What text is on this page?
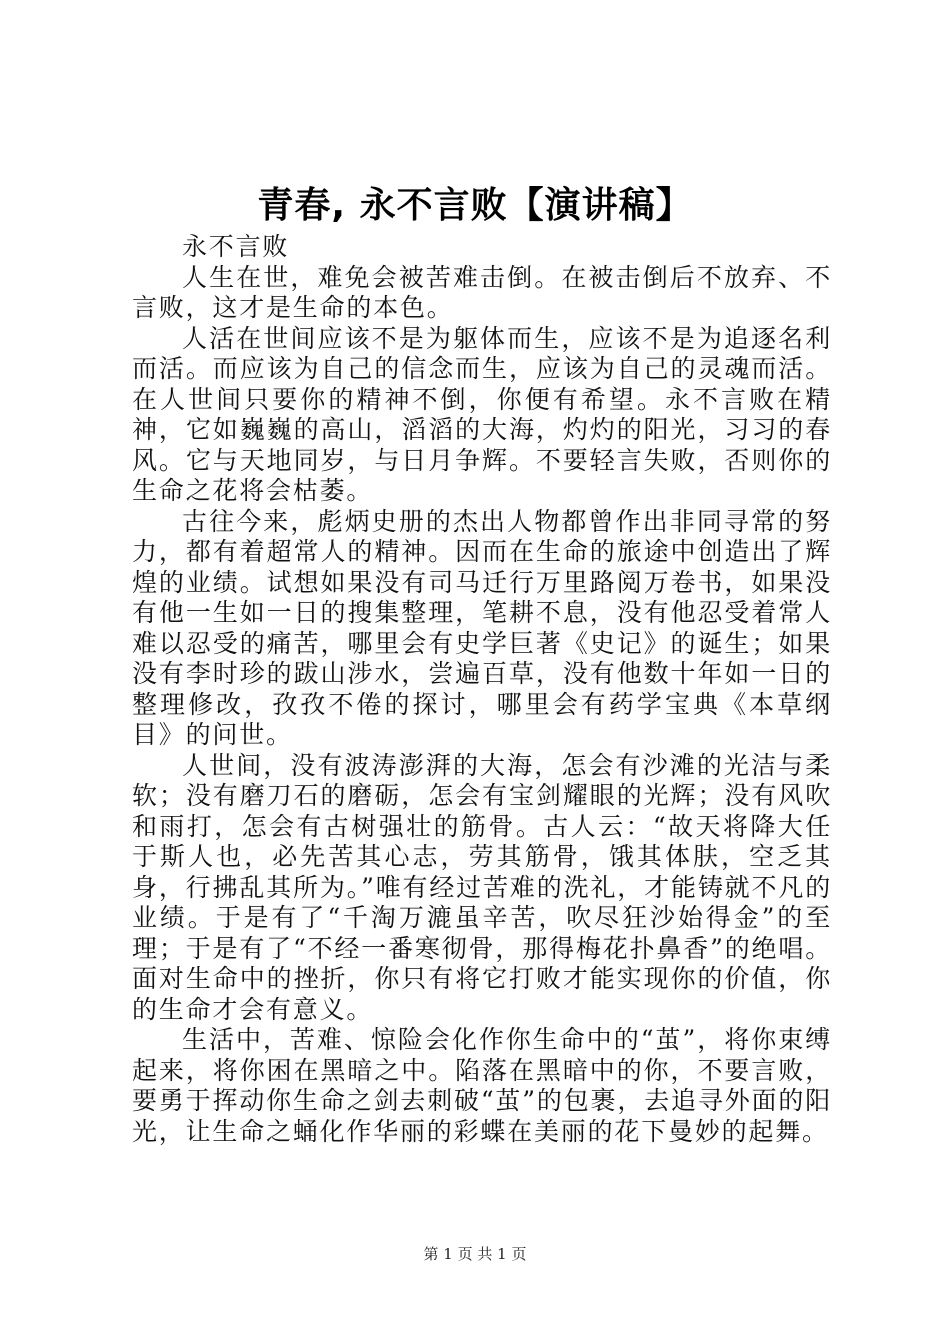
青春, 永不言败【演讲稿】

永不言败

人生在世，难免会被苦难击倒。在被击倒后不放弃、不言败，这才是生命的本色。

人活在世间应该不是为躯体而生，应该不是为追逐名利而活。而应该为自己的信念而生，应该为自己的灵魂而活。在人世间只要你的精神不倒，你便有希望。永不言败在精神，它如巍巍的高山，滔滔的大海，灼灼的阳光，习习的春风。它与天地同岁，与日月争辉。不要轻言失败，否则你的生命之花将会枯萎。

古往今来，彪炳史册的杰出人物都曾作出非同寻常的努力，都有着超常人的精神。因而在生命的旅途中创造出了辉煌的业绩。试想如果没有司马迁行万里路阅万卷书，如果没有他一生如一日的搜集整理，笔耕不息，没有他忍受着常人难以忍受的痛苦，哪里会有史学巨著《史记》的诞生；如果没有李时珍的跋山涉水，尝遍百草，没有他数十年如一日的整理修改，孜孜不倦的探讨，哪里会有药学宝典《本草纲目》的问世。

人世间，没有波涛澎湃的大海，怎会有沙滩的光洁与柔软；没有磨刀石的磨砺，怎会有宝剑耀眼的光辉；没有风吹和雨打，怎会有古树强壮的筋骨。古人云：“故天将降大任于斯人也，必先苦其心志，劳其筋骨，饿其体肤，空乏其身，行拂乱其所为。”唯有经过苦难的洗礼，才能铸就不凡的业绩。于是有了“千淘万漉虽辛苦，吹尽狂沙始得金”的至理；于是有了“不经一番寒彻骨，那得梅花扑鼻香”的绝唱。面对生命中的挫折，你只有将它打败才能实现你的价值，你的生命才会有意义。

生活中，苦难、惊险会化作你生命中的“茧”，将你束缚起来，将你困在黑暗之中。陷落在黑暗中的你，不要言败，要勇于挥动你生命之剑去刺破“茧”的包裹，去追寻外面的阳光，让生命之蛹化作华丽的彩蝶在美丽的花下曼妙的起舞。

第 1 页 共 1 页
